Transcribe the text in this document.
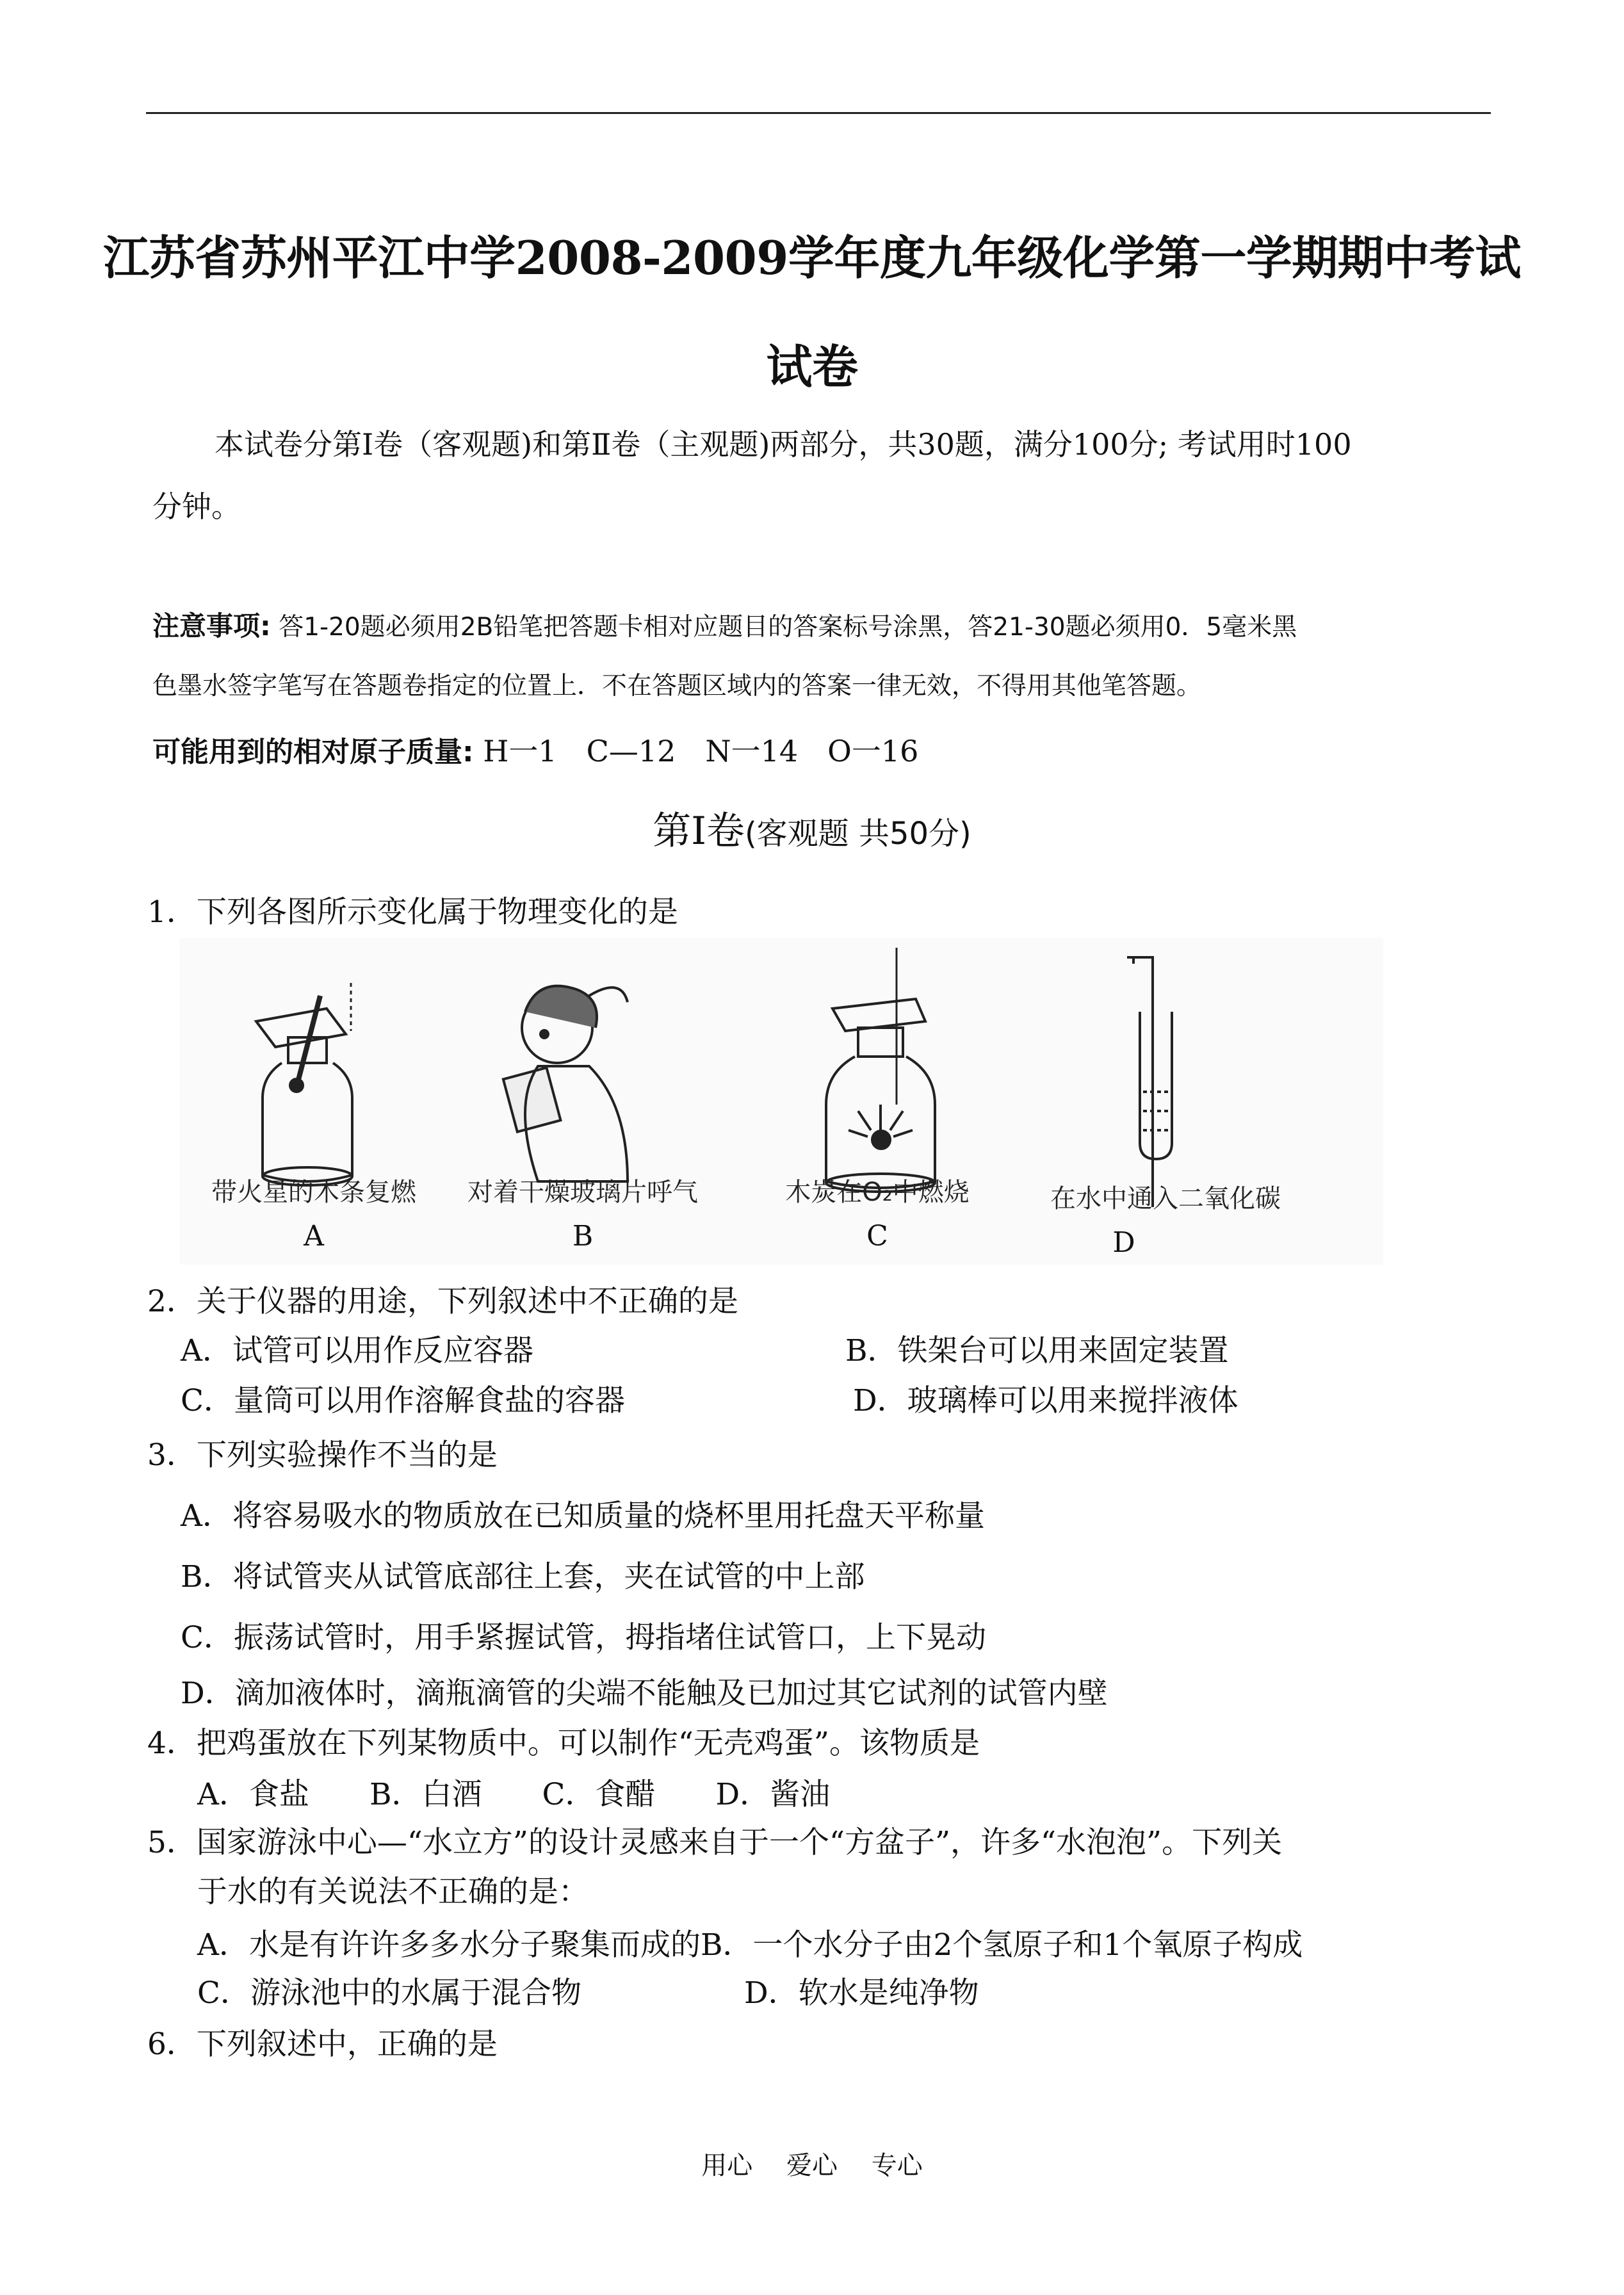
江苏省苏州平江中学2008-2009学年度九年级化学第一学期期中考试
试卷
本试卷分第Ⅰ卷（客观题)和第Ⅱ卷（主观题)两部分，共30题，满分100分; 考试用时100
分钟。
注意事项: 答1-20题必须用2B铅笔把答题卡相对应题目的答案标号涂黑，答21-30题必须用0．5毫米黑
色墨水签字笔写在答题卷指定的位置上．不在答题区域内的答案一律无效，不得用其他笔答题。
可能用到的相对原子质量: H一1　C—12　N一14　O一16
第Ⅰ卷(客观题 共50分)
1．下列各图所示变化属于物理变化的是
带火星的木条复燃
A
对着干燥玻璃片呼气
B
木炭在O₂中燃烧
C
在水中通入二氧化碳
D
2．关于仪器的用途，下列叙述中不正确的是
A．试管可以用作反应容器	B．铁架台可以用来固定装置
C．量筒可以用作溶解食盐的容器	D．玻璃棒可以用来搅拌液体
3．下列实验操作不当的是
A．将容易吸水的物质放在已知质量的烧杯里用托盘天平称量
B．将试管夹从试管底部往上套，夹在试管的中上部
C．振荡试管时，用手紧握试管，拇指堵住试管口，上下晃动
D．滴加液体时，滴瓶滴管的尖端不能触及已加过其它试剂的试管内壁
4．把鸡蛋放在下列某物质中。可以制作“无壳鸡蛋”。该物质是
A．食盐　　B．白酒　　C．食醋　　D．酱油
5．国家游泳中心—“水立方”的设计灵感来自于一个“方盆子”，许多“水泡泡”。下列关
于水的有关说法不正确的是：
A．水是有许许多多水分子聚集而成的B．一个水分子由2个氢原子和1个氧原子构成
C．游泳池中的水属于混合物	D．软水是纯净物
6．下列叙述中，正确的是
用心 爱心 专心
